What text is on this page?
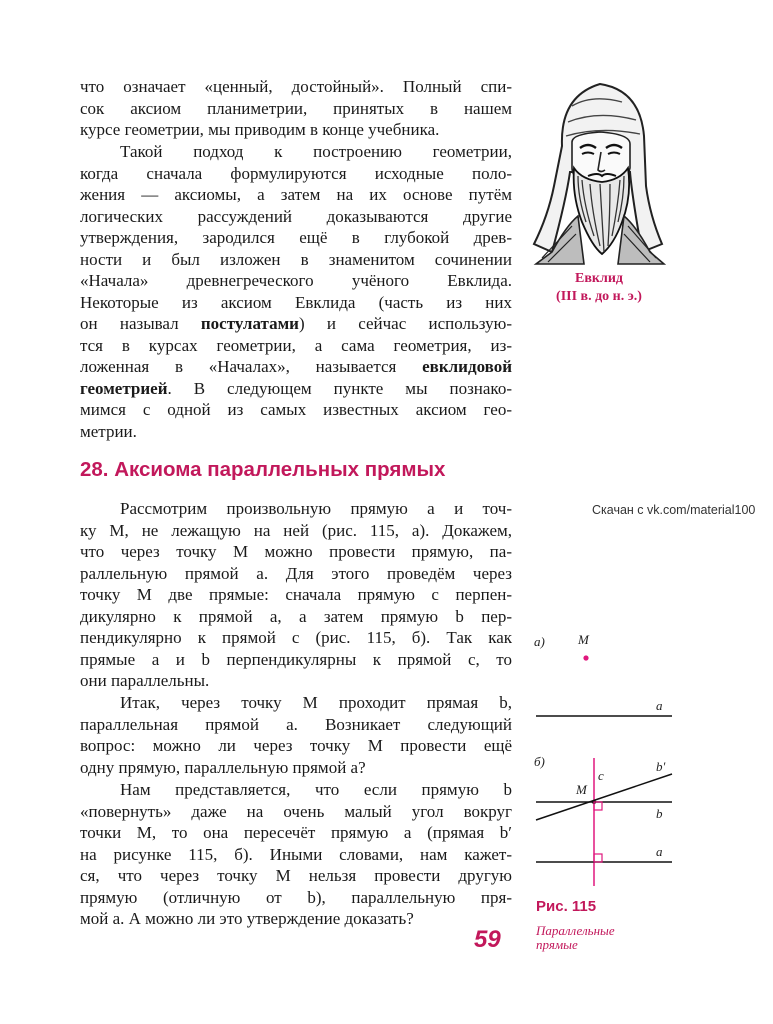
что означает «ценный, достойный». Полный спи-
сок аксиом планиметрии, принятых в нашем
курсе геометрии, мы приводим в конце учебника.

Такой подход к построению геометрии,
когда сначала формулируются исходные поло-
жения — аксиомы, а затем на их основе путём
логических рассуждений доказываются другие
утверждения, зародился ещё в глубокой древ-
ности и был изложен в знаменитом сочинении
«Начала» древнегреческого учёного Евклида.
Некоторые из аксиом Евклида (часть из них
он называл постулатами) и сейчас использую-
тся в курсах геометрии, а сама геометрия, из-
ложенная в «Началах», называется евклидовой
геометрией. В следующем пункте мы познако-
мимся с одной из самых известных аксиом гео-
метрии.

28. Аксиома параллельных прямых

Рассмотрим произвольную прямую a и точ-
ку M, не лежащую на ней (рис. 115, a). Докажем,
что через точку M можно провести прямую, па-
раллельную прямой a. Для этого проведём через
точку M две прямые: сначала прямую c перпен-
дикулярно к прямой a, а затем прямую b пер-
пендикулярно к прямой c (рис. 115, б). Так как
прямые a и b перпендикулярны к прямой c, то
они параллельны.

Итак, через точку M проходит прямая b,
параллельная прямой a. Возникает следующий
вопрос: можно ли через точку M провести ещё
одну прямую, параллельную прямой a?

Нам представляется, что если прямую b
«повернуть» даже на очень малый угол вокруг
точки M, то она пересечёт прямую a (прямая b′
на рисунке 115, б). Иными словами, нам кажет-
ся, что через точку M нельзя провести другую
прямую (отличную от b), параллельную пря-
мой a. А можно ли это утверждение доказать?

Евклид
(III в. до н. э.)
Скачан с vk.com/material100
а)	M
a
б)
c
b
b′
M
a
Рис. 115
Параллельные
прямые
59
